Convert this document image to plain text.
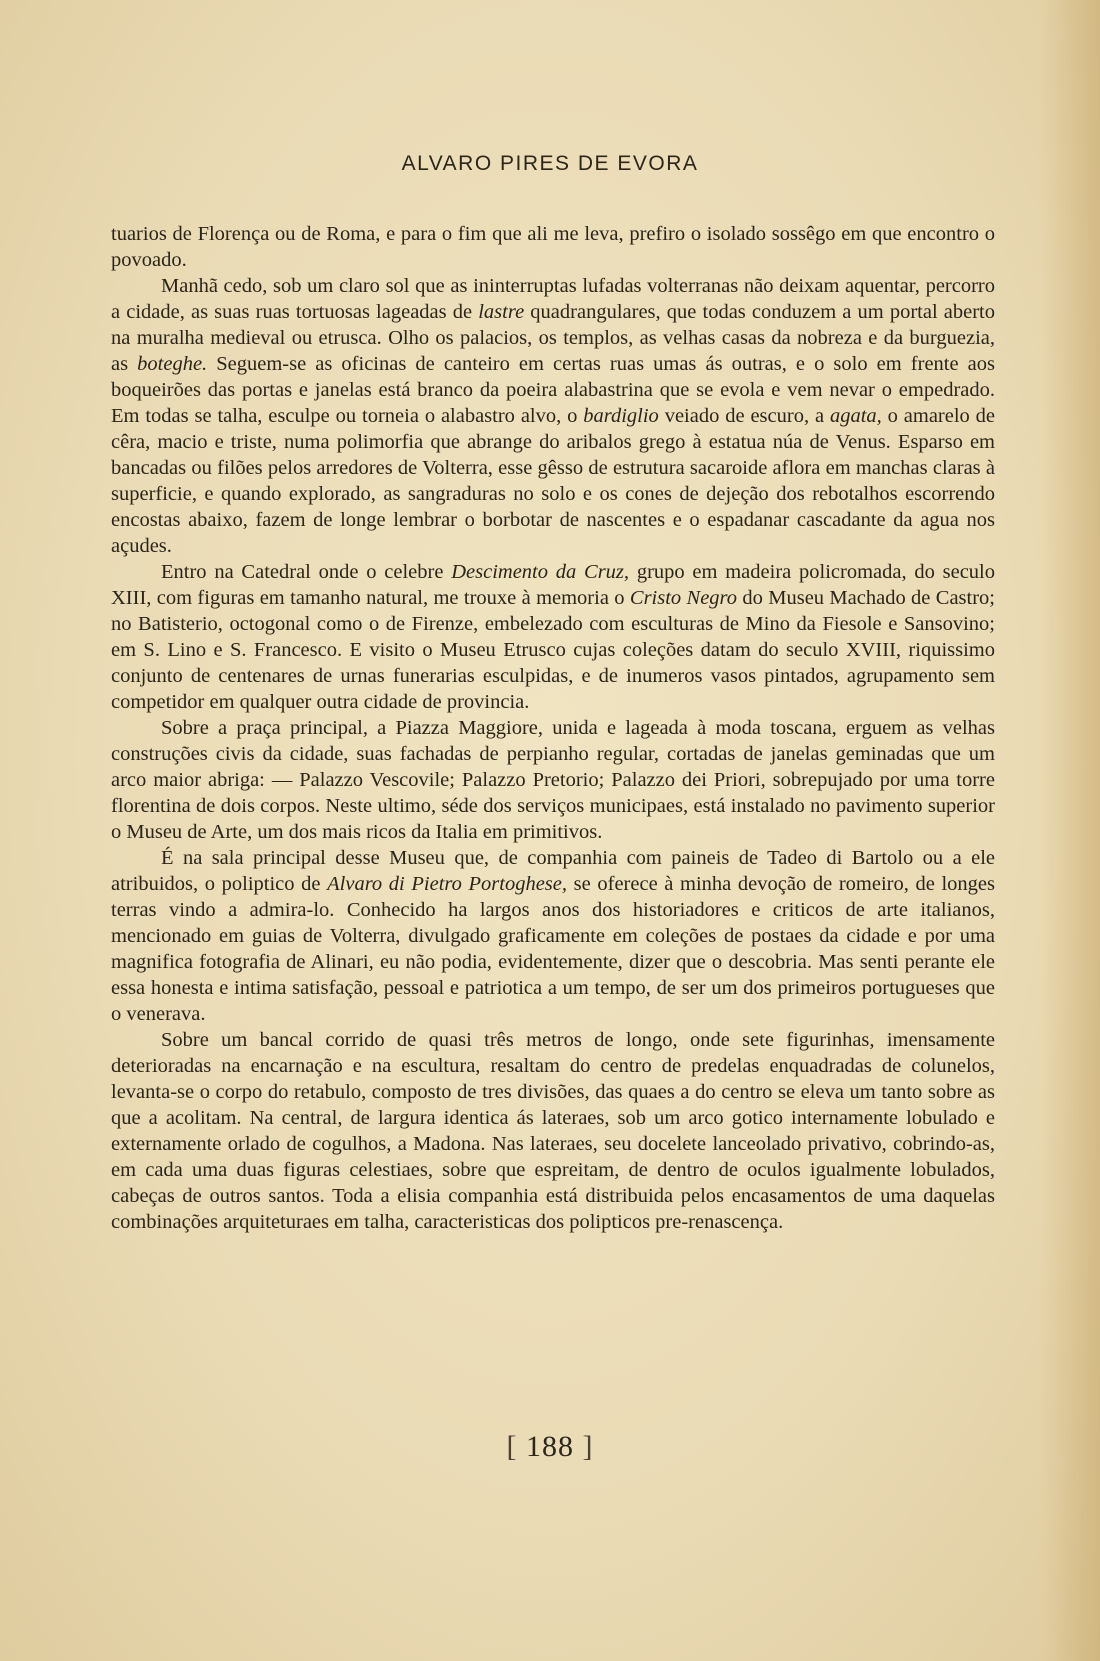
ALVARO PIRES DE EVORA

tuarios de Florença ou de Roma, e para o fim que ali me leva, prefiro o isolado sossêgo em que encontro o povoado.

Manhã cedo, sob um claro sol que as ininterruptas lufadas volterranas não deixam aquentar, percorro a cidade, as suas ruas tortuosas lageadas de lastre quadrangulares, que todas conduzem a um portal aberto na muralha medieval ou etrusca. Olho os palacios, os templos, as velhas casas da nobreza e da burguezia, as boteghe. Seguem-se as oficinas de canteiro em certas ruas umas ás outras, e o solo em frente aos boqueirões das portas e janelas está branco da poeira alabastrina que se evola e vem nevar o empedrado. Em todas se talha, esculpe ou torneia o alabastro alvo, o bardiglio veiado de escuro, a agata, o amarelo de cêra, macio e triste, numa polimorfia que abrange do aribalos grego à estatua núa de Venus. Esparso em bancadas ou filões pelos arredores de Volterra, esse gêsso de estrutura sacaroide aflora em manchas claras à superficie, e quando explorado, as sangraduras no solo e os cones de dejeção dos rebotalhos escorrendo encostas abaixo, fazem de longe lembrar o borbotar de nascentes e o espadanar cascadante da agua nos açudes.

Entro na Catedral onde o celebre Descimento da Cruz, grupo em madeira policromada, do seculo XIII, com figuras em tamanho natural, me trouxe à memoria o Cristo Negro do Museu Machado de Castro; no Batisterio, octogonal como o de Firenze, embelezado com esculturas de Mino da Fiesole e Sansovino; em S. Lino e S. Francesco. E visito o Museu Etrusco cujas coleções datam do seculo XVIII, riquissimo conjunto de centenares de urnas funerarias esculpidas, e de inumeros vasos pintados, agrupamento sem competidor em qualquer outra cidade de provincia.

Sobre a praça principal, a Piazza Maggiore, unida e lageada à moda toscana, erguem as velhas construções civis da cidade, suas fachadas de perpianho regular, cortadas de janelas geminadas que um arco maior abriga: — Palazzo Vescovile; Palazzo Pretorio; Palazzo dei Priori, sobrepujado por uma torre florentina de dois corpos. Neste ultimo, séde dos serviços municipaes, está instalado no pavimento superior o Museu de Arte, um dos mais ricos da Italia em primitivos.

É na sala principal desse Museu que, de companhia com paineis de Tadeo di Bartolo ou a ele atribuidos, o poliptico de Alvaro di Pietro Portoghese, se oferece à minha devoção de romeiro, de longes terras vindo a admira-lo. Conhecido ha largos anos dos historiadores e criticos de arte italianos, mencionado em guias de Volterra, divulgado graficamente em coleções de postaes da cidade e por uma magnifica fotografia de Alinari, eu não podia, evidentemente, dizer que o descobria. Mas senti perante ele essa honesta e intima satisfação, pessoal e patriotica a um tempo, de ser um dos primeiros portugueses que o venerava.

Sobre um bancal corrido de quasi três metros de longo, onde sete figurinhas, imensamente deterioradas na encarnação e na escultura, resaltam do centro de predelas enquadradas de colunelos, levanta-se o corpo do retabulo, composto de tres divisões, das quaes a do centro se eleva um tanto sobre as que a acolitam. Na central, de largura identica ás lateraes, sob um arco gotico internamente lobulado e externamente orlado de cogulhos, a Madona. Nas lateraes, seu docelete lanceolado privativo, cobrindo-as, em cada uma duas figuras celestiaes, sobre que espreitam, de dentro de oculos igualmente lobulados, cabeças de outros santos. Toda a elisia companhia está distribuida pelos encasamentos de uma daquelas combinações arquiteturaes em talha, caracteristicas dos polipticos pre-renascença.

[ 188 ]
